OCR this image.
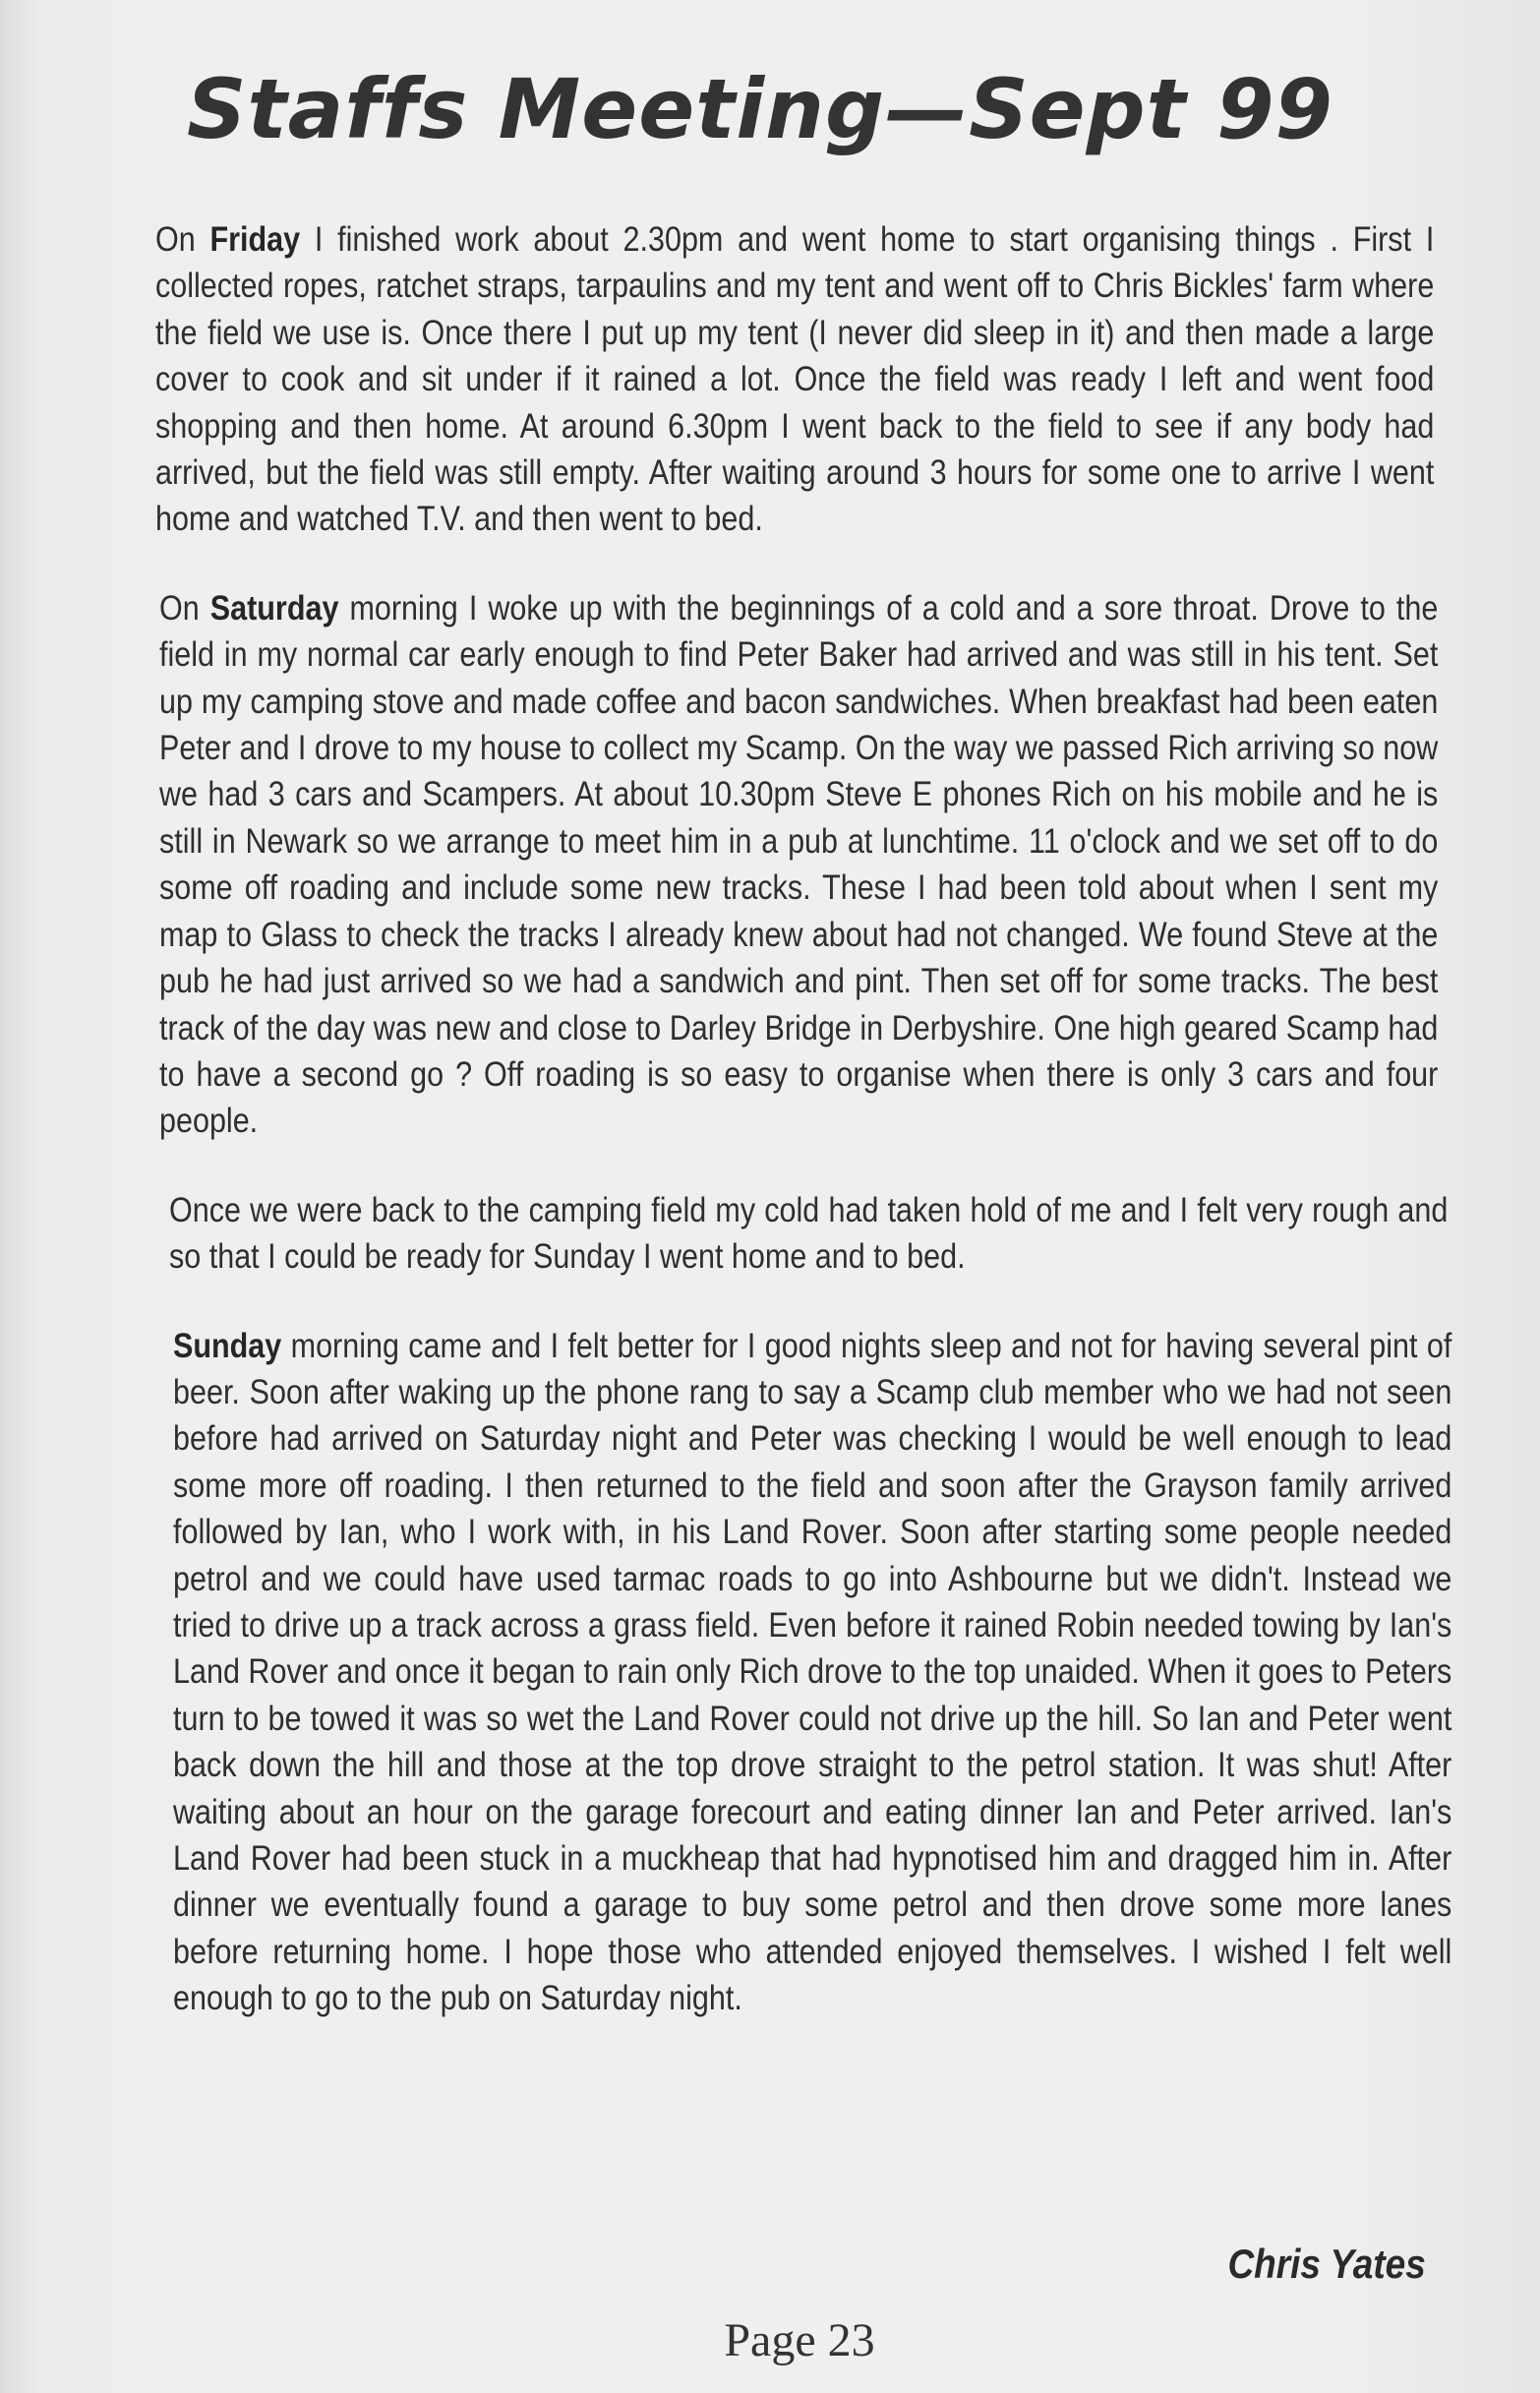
Staffs Meeting—Sept 99

On Friday I finished work about 2.30pm and went home to start organising things . First I collected ropes, ratchet straps, tarpaulins and my tent and went off to Chris Bickles' farm where the field we use is. Once there I put up my tent (I never did sleep in it) and then made a large cover to cook and sit under if it rained a lot. Once the field was ready I left and went food shopping and then home. At around 6.30pm I went back to the field to see if any body had arrived, but the field was still empty. After waiting around 3 hours for some one to arrive I went home and watched T.V. and then went to bed.

On Saturday morning I woke up with the beginnings of a cold and a sore throat. Drove to the field in my normal car early enough to find Peter Baker had arrived and was still in his tent. Set up my camping stove and made coffee and bacon sandwiches. When breakfast had been eaten Peter and I drove to my house to collect my Scamp. On the way we passed Rich arriving so now we had 3 cars and Scampers. At about 10.30pm Steve E phones Rich on his mobile and he is still in Newark so we arrange to meet him in a pub at lunchtime. 11 o'clock and we set off to do some off roading and include some new tracks. These I had been told about when I sent my map to Glass to check the tracks I already knew about had not changed. We found Steve at the pub he had just arrived so we had a sandwich and pint. Then set off for some tracks. The best track of the day was new and close to Darley Bridge in Derbyshire. One high geared Scamp had to have a second go ? Off roading is so easy to organise when there is only 3 cars and four people.

Once we were back to the camping field my cold had taken hold of me and I felt very rough and so that I could be ready for Sunday I went home and to bed.

Sunday morning came and I felt better for I good nights sleep and not for having several pint of beer. Soon after waking up the phone rang to say a Scamp club member who we had not seen before had arrived on Saturday night and Peter was checking I would be well enough to lead some more off roading. I then returned to the field and soon after the Grayson family arrived followed by Ian, who I work with, in his Land Rover. Soon after starting some people needed petrol and we could have used tarmac roads to go into Ashbourne but we didn't. Instead we tried to drive up a track across a grass field. Even before it rained Robin needed towing by Ian's Land Rover and once it began to rain only Rich drove to the top unaided. When it goes to Peters turn to be towed it was so wet the Land Rover could not drive up the hill. So Ian and Peter went back down the hill and those at the top drove straight to the petrol station. It was shut! After waiting about an hour on the garage forecourt and eating dinner Ian and Peter arrived. Ian's Land Rover had been stuck in a muckheap that had hypnotised him and dragged him in. After dinner we eventually found a garage to buy some petrol and then drove some more lanes before returning home. I hope those who attended enjoyed themselves. I wished I felt well enough to go to the pub on Saturday night.

Chris Yates
Page 23
